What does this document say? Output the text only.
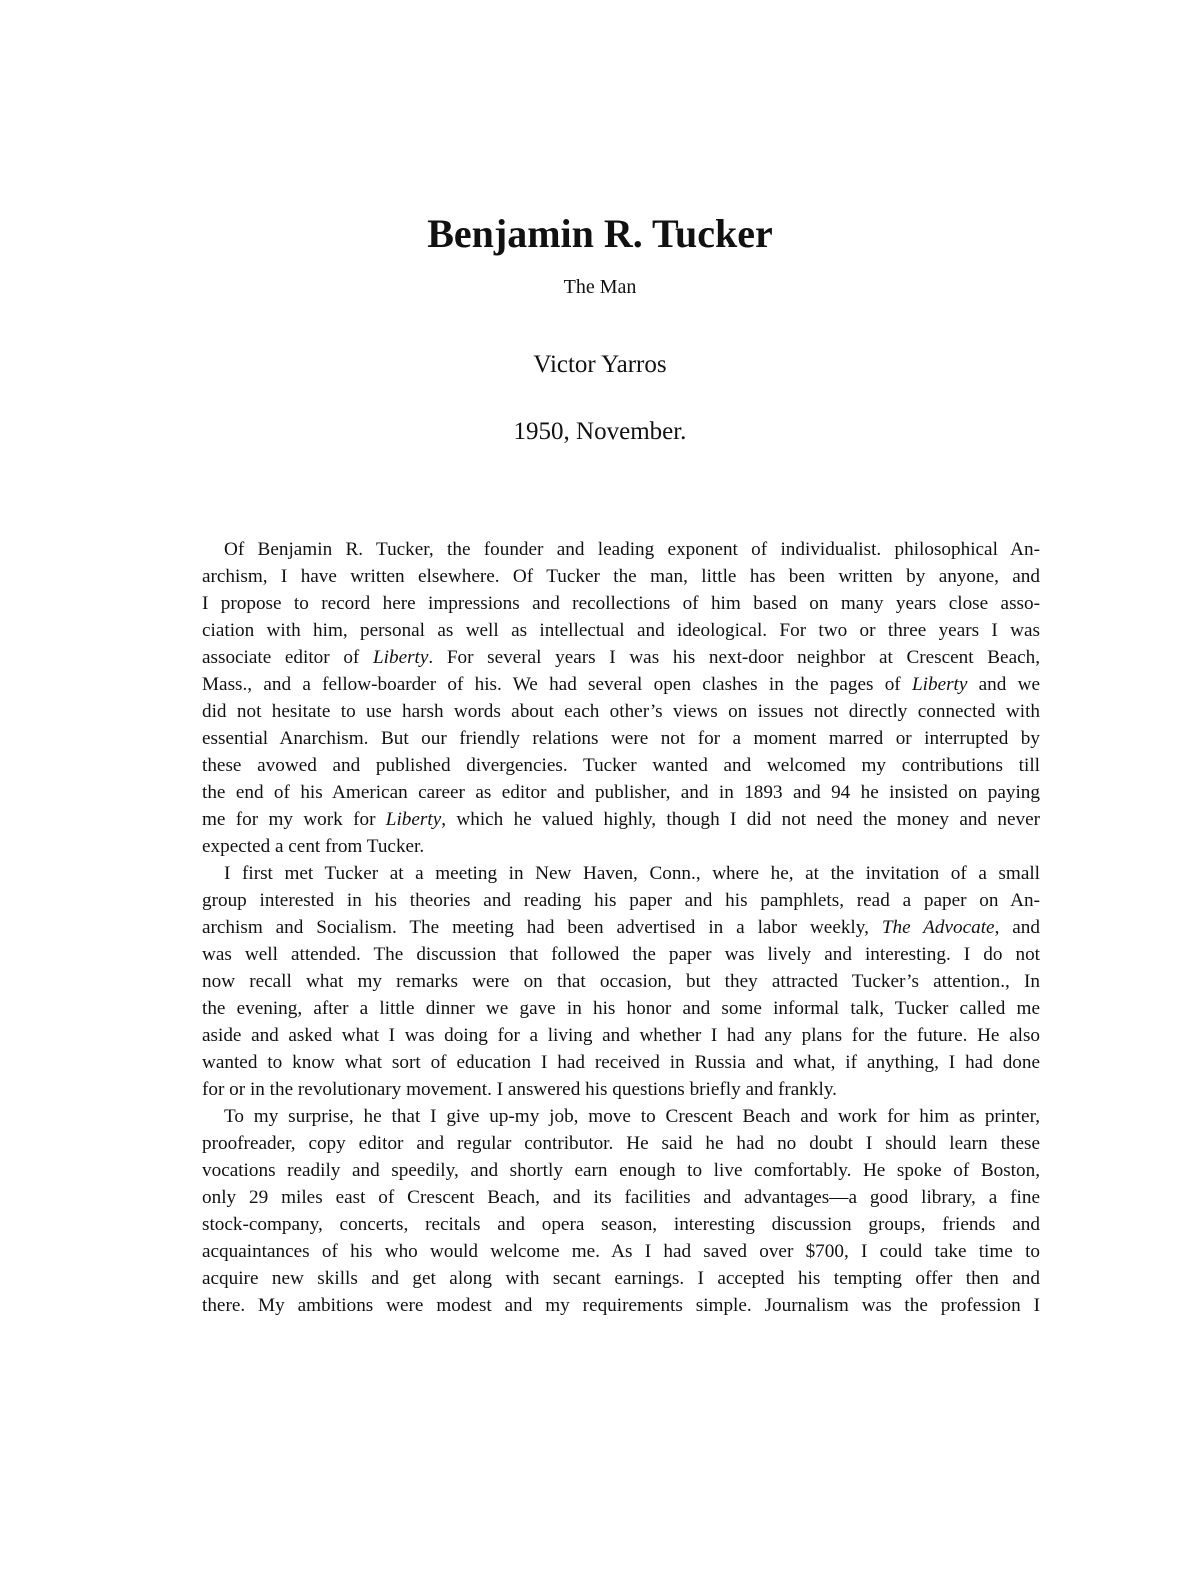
Benjamin R. Tucker
The Man
Victor Yarros
1950, November.
Of Benjamin R. Tucker, the founder and leading exponent of individualist. philosophical An-
archism, I have written elsewhere. Of Tucker the man, little has been written by anyone, and
I propose to record here impressions and recollections of him based on many years close asso-
ciation with him, personal as well as intellectual and ideological. For two or three years I was
associate editor of Liberty. For several years I was his next-door neighbor at Crescent Beach,
Mass., and a fellow-boarder of his. We had several open clashes in the pages of Liberty and we
did not hesitate to use harsh words about each other’s views on issues not directly connected with
essential Anarchism. But our friendly relations were not for a moment marred or interrupted by
these avowed and published divergencies. Tucker wanted and welcomed my contributions till
the end of his American career as editor and publisher, and in 1893 and 94 he insisted on paying
me for my work for Liberty, which he valued highly, though I did not need the money and never
expected a cent from Tucker.
I first met Tucker at a meeting in New Haven, Conn., where he, at the invitation of a small
group interested in his theories and reading his paper and his pamphlets, read a paper on An-
archism and Socialism. The meeting had been advertised in a labor weekly, The Advocate, and
was well attended. The discussion that followed the paper was lively and interesting. I do not
now recall what my remarks were on that occasion, but they attracted Tucker’s attention., In
the evening, after a little dinner we gave in his honor and some informal talk, Tucker called me
aside and asked what I was doing for a living and whether I had any plans for the future. He also
wanted to know what sort of education I had received in Russia and what, if anything, I had done
for or in the revolutionary movement. I answered his questions briefly and frankly.
To my surprise, he that I give up-my job, move to Crescent Beach and work for him as printer,
proofreader, copy editor and regular contributor. He said he had no doubt I should learn these
vocations readily and speedily, and shortly earn enough to live comfortably. He spoke of Boston,
only 29 miles east of Crescent Beach, and its facilities and advantages—a good library, a fine
stock-company, concerts, recitals and opera season, interesting discussion groups, friends and
acquaintances of his who would welcome me. As I had saved over $700, I could take time to
acquire new skills and get along with secant earnings. I accepted his tempting offer then and
there. My ambitions were modest and my requirements simple. Journalism was the profession I
